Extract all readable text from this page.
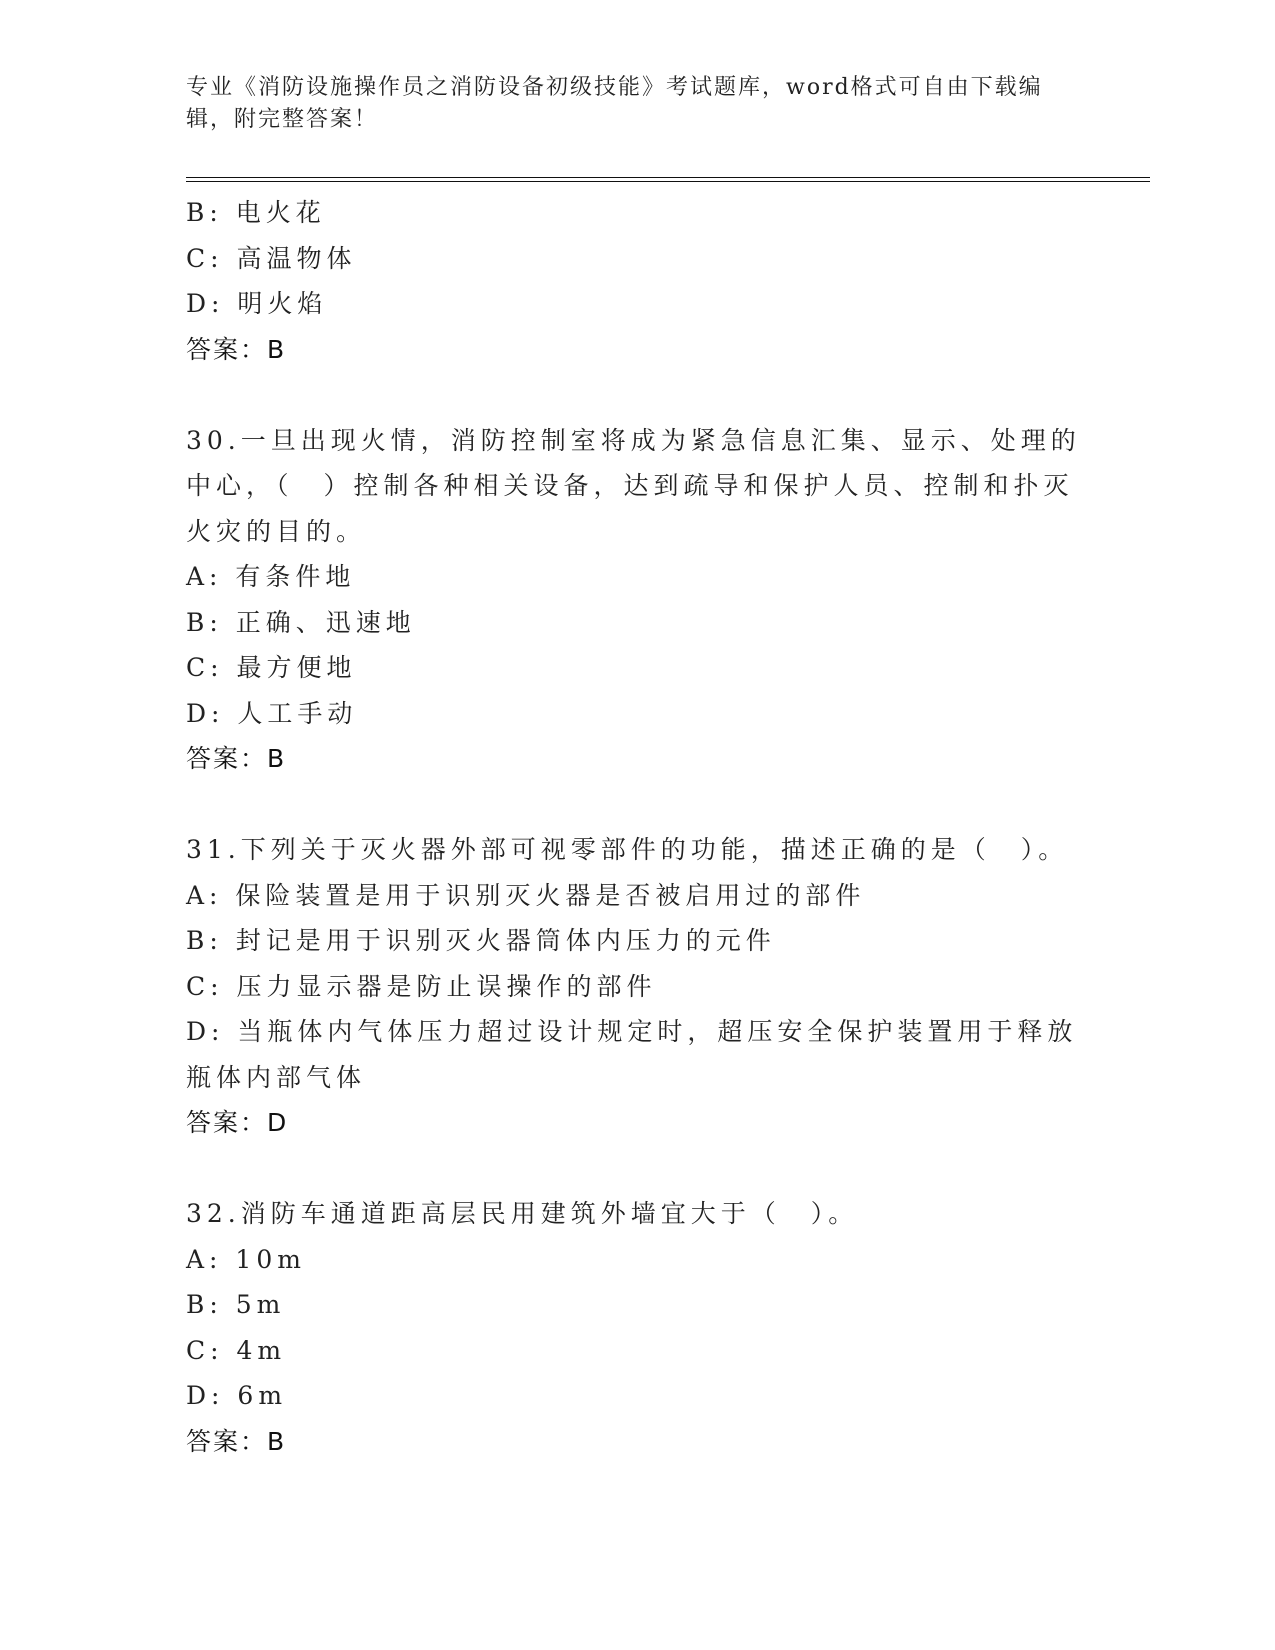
专业《消防设施操作员之消防设备初级技能》考试题库，word格式可自由下载编辑，附完整答案！
B: 电火花
C: 高温物体
D: 明火焰
答案：B
30.一旦出现火情，消防控制室将成为紧急信息汇集、显示、处理的中心，（　）控制各种相关设备，达到疏导和保护人员、控制和扑灭火灾的目的。
A: 有条件地
B: 正确、迅速地
C: 最方便地
D: 人工手动
答案：B
31.下列关于灭火器外部可视零部件的功能，描述正确的是（　）。
A: 保险装置是用于识别灭火器是否被启用过的部件
B: 封记是用于识别灭火器筒体内压力的元件
C: 压力显示器是防止误操作的部件
D: 当瓶体内气体压力超过设计规定时，超压安全保护装置用于释放瓶体内部气体
答案：D
32.消防车通道距高层民用建筑外墙宜大于（　）。
A: 10m
B: 5m
C: 4m
D: 6m
答案：B
